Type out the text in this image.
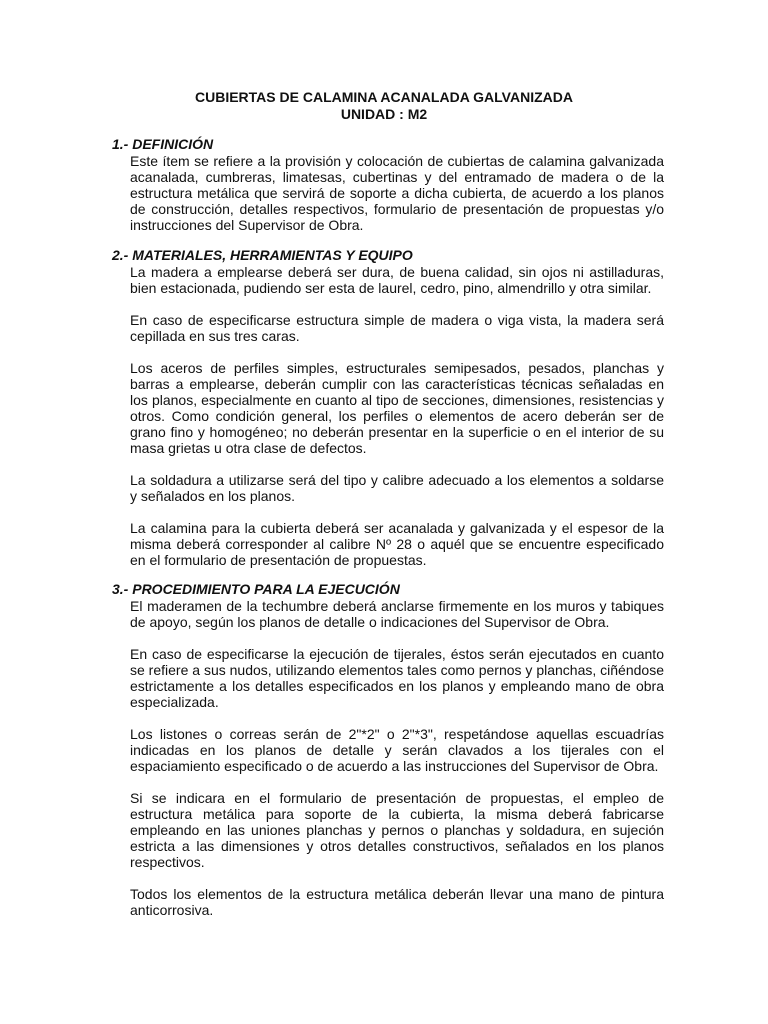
CUBIERTAS DE CALAMINA ACANALADA GALVANIZADA
UNIDAD : M2
1.- DEFINICIÓN

Este ítem se refiere a la provisión y colocación de cubiertas de calamina galvanizada acanalada, cumbreras, limatesas, cubertinas y del entramado de madera o de la estructura metálica que servirá de soporte a dicha cubierta, de acuerdo a los planos de construcción, detalles respectivos, formulario de presentación de propuestas y/o instrucciones del Supervisor de Obra.

2.- MATERIALES, HERRAMIENTAS Y EQUIPO

La madera a emplearse deberá ser dura, de buena calidad, sin ojos ni astilladuras, bien estacionada, pudiendo ser esta de laurel, cedro, pino, almendrillo y otra similar.

En caso de especificarse estructura simple de madera o viga vista, la madera será cepillada en sus tres caras.

Los aceros de perfiles simples, estructurales semipesados, pesados, planchas y barras a emplearse, deberán cumplir con las características técnicas señaladas en los planos, especialmente en cuanto al tipo de secciones, dimensiones, resistencias y otros. Como condición general, los perfiles o elementos de acero deberán ser de grano fino y homogéneo; no deberán presentar en la superficie o en el interior de su masa grietas u otra clase de defectos.

La soldadura a utilizarse será del tipo y calibre adecuado a los elementos a soldarse y señalados en los planos.

La calamina para la cubierta deberá ser acanalada y galvanizada y el espesor de la misma deberá corresponder al calibre Nº 28 o aquél que se encuentre especificado en el formulario de presentación de propuestas.

3.- PROCEDIMIENTO PARA LA EJECUCIÓN

El maderamen de la techumbre deberá anclarse firmemente en los muros y tabiques de apoyo, según los planos de detalle o indicaciones del Supervisor de Obra.

En caso de especificarse la ejecución de tijerales, éstos serán ejecutados en cuanto se refiere a sus nudos, utilizando elementos tales como pernos y planchas, ciñéndose estrictamente a los detalles especificados en los planos y empleando mano de obra especializada.

Los listones o correas serán de 2"*2" o 2"*3", respetándose aquellas escuadrías indicadas en los planos de detalle y serán clavados a los tijerales con el espaciamiento especificado o de acuerdo a las instrucciones del Supervisor de Obra.

Si se indicara en el formulario de presentación de propuestas, el empleo de estructura metálica para soporte de la cubierta, la misma deberá fabricarse empleando en las uniones planchas y pernos o planchas y soldadura, en sujeción estricta a las dimensiones y otros detalles constructivos, señalados en los planos respectivos.

Todos los elementos de la estructura metálica deberán llevar una mano de pintura anticorrosiva.
